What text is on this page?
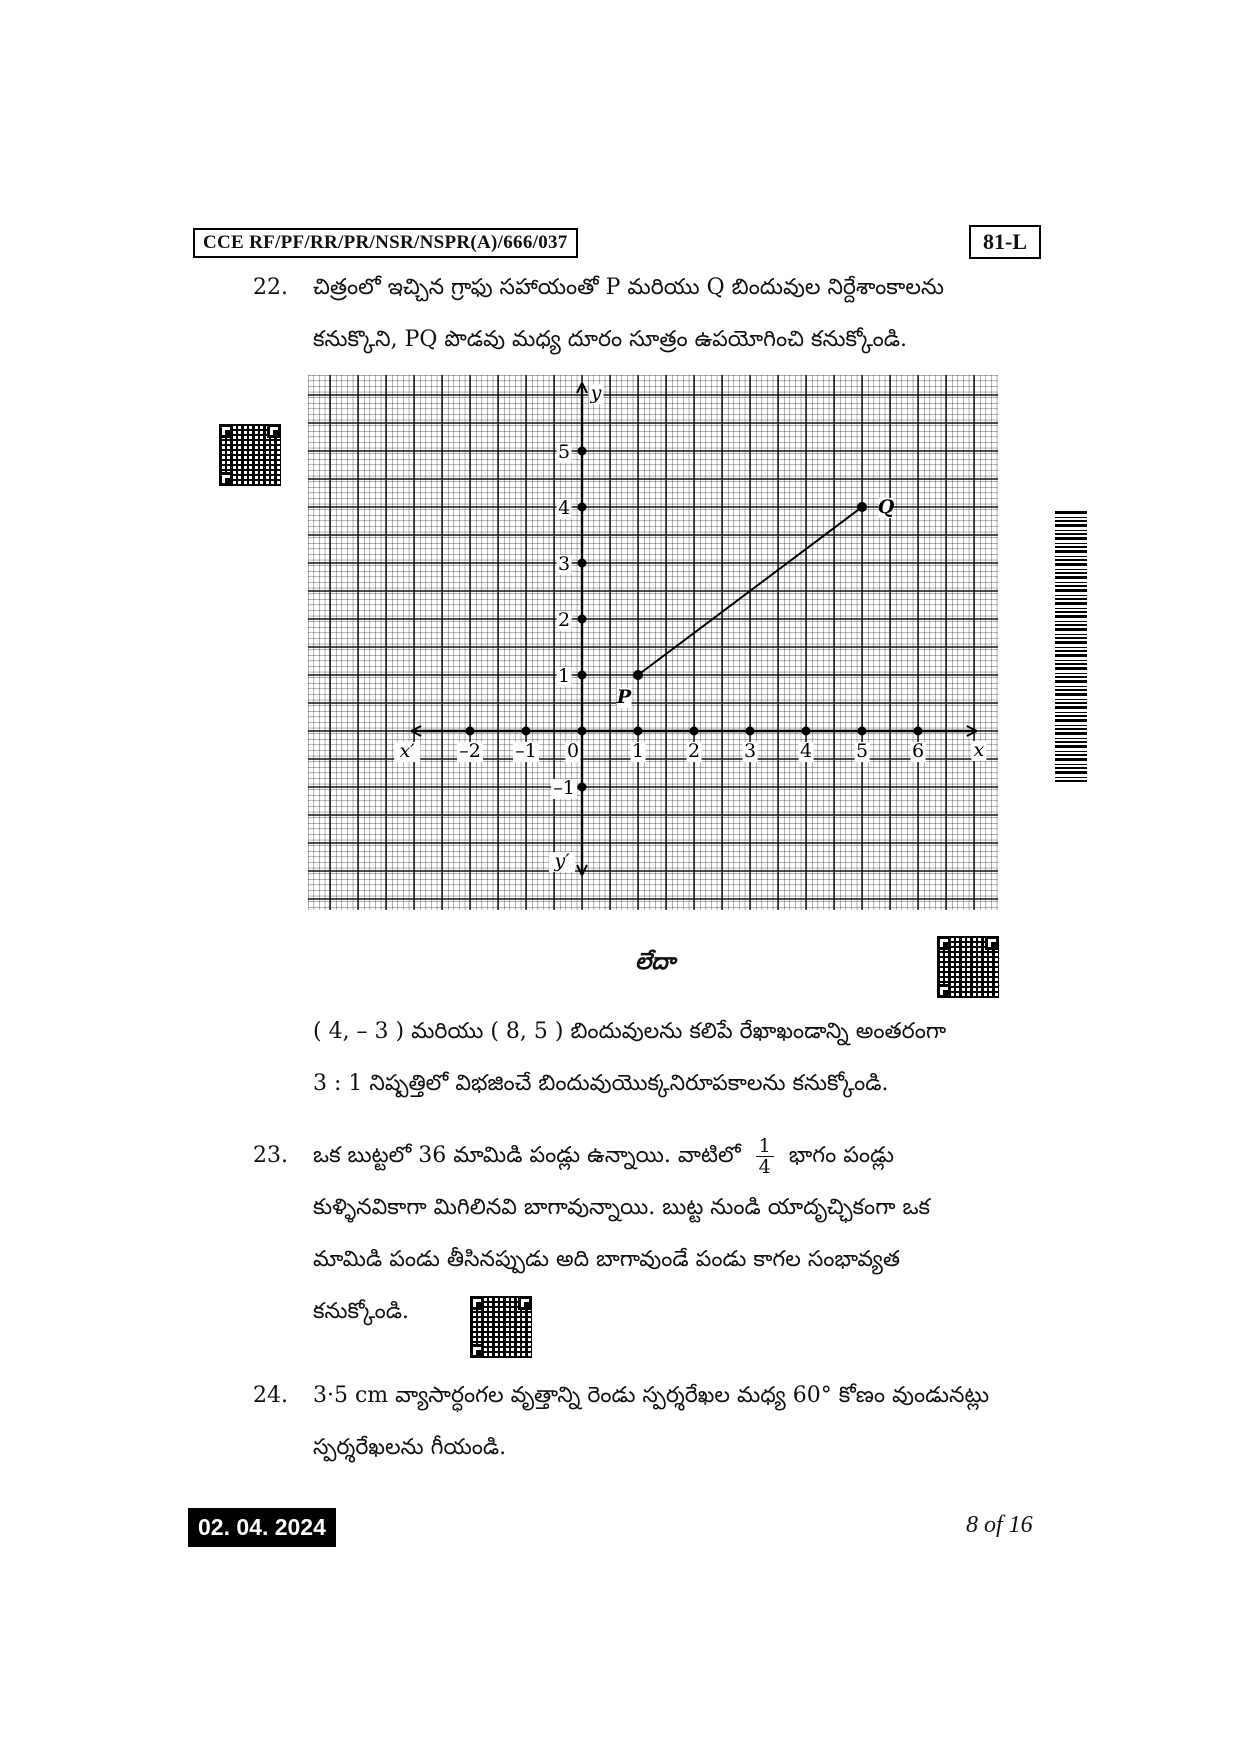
CCE RF/PF/RR/PR/NSR/NSPR(A)/666/037	81-L
22. చిత్రంలో ఇచ్చిన గ్రాఫు సహాయంతో P మరియు Q బిందువుల నిర్దేశాంకాలను
కనుక్కొని, PQ పొడవు మధ్య దూరం సూత్రం ఉపయోగించి కనుక్కోండి.
–2 –1 0	1 2 3 4 5 6
5
4
3
2
1
–1
x
x′
y
y′
P
Q
లేదా
( 4, – 3 ) మరియు ( 8, 5 ) బిందువులను కలిపే రేఖాఖండాన్ని అంతరంగా
3 : 1 నిష్పత్తిలో విభజించే బిందువుయొక్కనిరూపకాలను కనుక్కోండి.
23. ఒక బుట్టలో 36 మామిడి పండ్లు ఉన్నాయి. వాటిలో $\frac{1}{4}$ భాగం పండ్లు
కుళ్ళినవికాగా మిగిలినవి బాగావున్నాయి. బుట్ట నుండి యాదృచ్ఛికంగా ఒక
మామిడి పండు తీసినప్పుడు అది బాగావుండే పండు కాగల సంభావ్యత
కనుక్కోండి.
24. 3·5 cm వ్యాసార్ధంగల వృత్తాన్ని రెండు స్పర్శరేఖల మధ్య 60° కోణం వుండునట్లు
స్పర్శరేఖలను గీయండి.
02. 04. 2024	8 of 16
